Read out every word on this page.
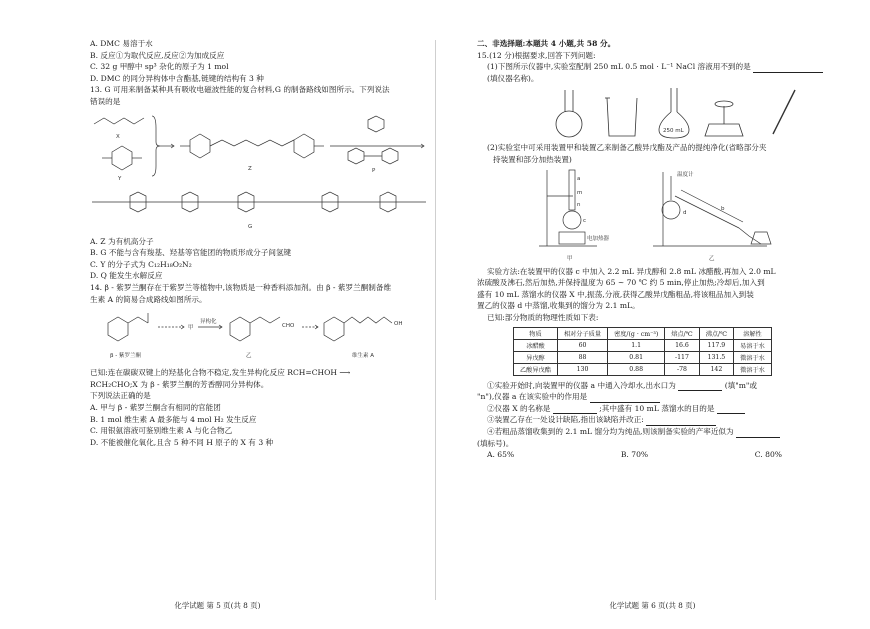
A. DMC 易溶于水
B. 反应①为取代反应,反应②为加成反应
C. 32 g 甲醇中 sp³ 杂化的原子为 1 mol
D. DMC 的同分异构体中含酯基,链键的结构有 3 种
13. G 可用来制备某种具有吸收电磁波性能的复合材料,G 的制备路线如图所示。下列说法
错误的是
X
Y
Z	P
G
A. Z 为有机高分子
B. G 不能与含有羧基、羟基等官能团的物质形成分子间氢键
C. Y 的分子式为 C₁₂H₁₈O₂N₂
D. Q 能发生水解反应
14. β - 紫罗兰酮存在于紫罗兰等植物中,该物质是一种香料添加剂。由 β - 紫罗兰酮制备维
生素 A 的简易合成路线如图所示。
β - 紫罗兰酮
甲
异构化
CHO
乙
OH
维生素 A
已知:连在碳碳双键上的羟基化合物不稳定,发生异构化反应 RCH=CHOH ⟶
RCH₂CHO;X 为 β - 紫罗兰酮的芳香醇同分异构体。
下列说法正确的是
A. 甲与 β - 紫罗兰酮含有相同的官能团
B. 1 mol 维生素 A 最多能与 4 mol H₂ 发生反应
C. 用银氨溶液可鉴别维生素 A 与化合物乙
D. 不能被催化氧化,且含 5 种不同 H 原子的 X 有 3 种
化学试题 第 5 页(共 8 页)
二、非选择题:本题共 4 小题,共 58 分。
15.(12 分)根据要求,回答下列问题:
(1)下图所示仪器中,实验室配制 250 mL 0.5 mol · L⁻¹ NaCl 溶液用不到的是
(填仪器名称)。
250 mL
(2)实验室中可采用装置甲和装置乙来制备乙酸异戊酯及产品的提纯净化(省略部分夹
持装置和部分加热装置)
a
m
n
c
电加热器
甲
温度计
d
b
乙
实验方法:在装置甲的仪器 c 中加入 2.2 mL 异戊醇和 2.8 mL 冰醋酸,再加入 2.0 mL
浓硫酸及沸石,然后加热,并保持温度为 65 ~ 70 ℃ 约 5 min,停止加热;冷却后,加入到
盛有 10 mL 蒸馏水的仪器 X 中,振荡,分液,获得乙酸异戊酯粗品,将该粗品加入到装
置乙的仪器 d 中蒸馏,收集到的馏分为 2.1 mL。
已知:部分物质的物理性质如下表:
物质	相对分子质量	密度/(g · cm⁻³)	熔点/℃	沸点/℃	溶解性
冰醋酸	60	1.1	16.6	117.9	易溶于水
异戊醇	88	0.81	-117	131.5	微溶于水
乙酸异戊酯	130	0.88	-78	142	微溶于水
①实验开始时,向装置甲的仪器 a 中通入冷却水,出水口为	(填"m"或
"n"),仪器 a 在该实验中的作用是
②仪器 X 的名称是	;其中盛有 10 mL 蒸馏水的目的是
③装置乙存在一处设计缺陷,指出该缺陷并改正:
④若粗品蒸馏收集到的 2.1 mL 馏分均为纯品,则该制备实验的产率近似为
(填标号)。
A. 65%	B. 70%	C. 80%
化学试题 第 6 页(共 8 页)
